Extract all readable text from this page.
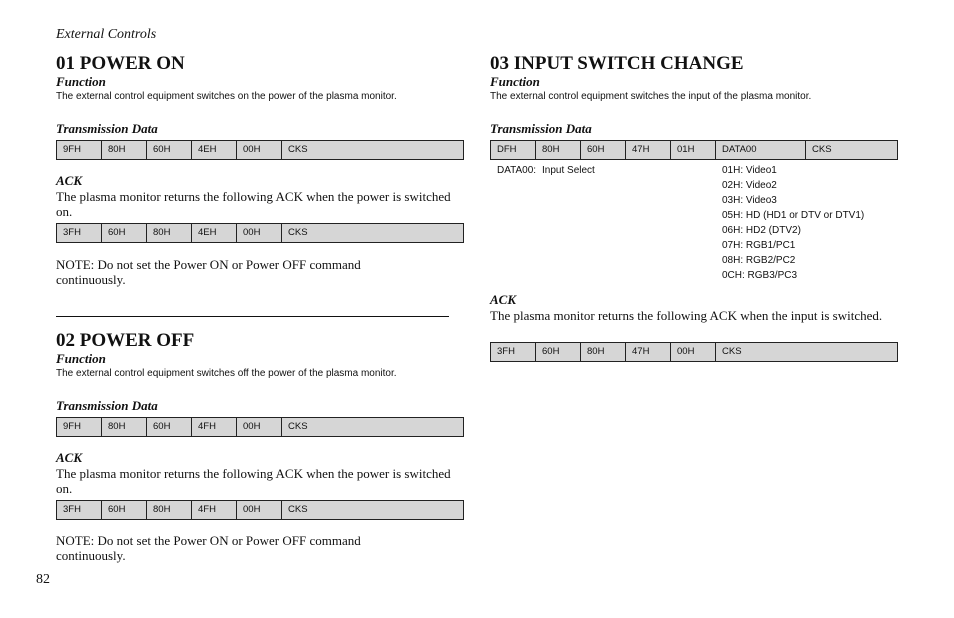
External Controls
01 POWER ON
Function
The external control equipment switches on the power of the plasma monitor.
Transmission Data
9FH	80H	60H	4EH	00H	CKS
ACK
The plasma monitor returns the following ACK when the power is switched on.
3FH	60H	80H	4EH	00H	CKS
NOTE: Do not set the Power ON or Power OFF command continuously.
02 POWER OFF
Function
The external control equipment switches off the power of the plasma monitor.
Transmission Data
9FH	80H	60H	4FH	00H	CKS
ACK
The plasma monitor returns the following ACK when the power is switched on.
3FH	60H	80H	4FH	00H	CKS
NOTE: Do not set the Power ON or Power OFF command continuously.
82
03 INPUT SWITCH CHANGE
Function
The external control equipment switches the input of the plasma monitor.
Transmission Data
DFH	80H	60H	47H	01H	DATA00	CKS
DATA00: Input Select	01H: Video1
02H: Video2
03H: Video3
05H: HD (HD1 or DTV or DTV1)
06H: HD2 (DTV2)
07H: RGB1/PC1
08H: RGB2/PC2
0CH: RGB3/PC3
ACK
The plasma monitor returns the following ACK when the input is switched.
3FH	60H	80H	47H	00H	CKS
